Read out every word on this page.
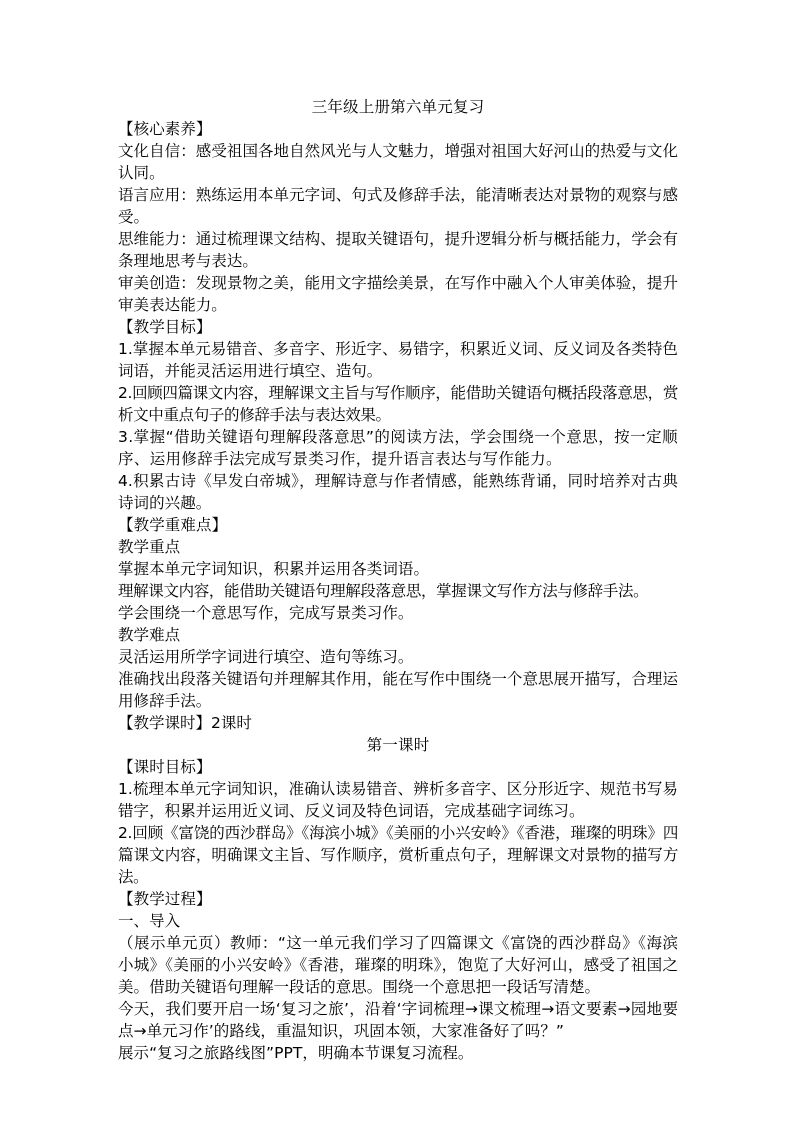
三年级上册第六单元复习
【核心素养】
文化自信：感受祖国各地自然风光与人文魅力，增强对祖国大好河山的热爱与文化认同。
语言应用：熟练运用本单元字词、句式及修辞手法，能清晰表达对景物的观察与感受。
思维能力：通过梳理课文结构、提取关键语句，提升逻辑分析与概括能力，学会有条理地思考与表达。
审美创造：发现景物之美，能用文字描绘美景，在写作中融入个人审美体验，提升审美表达能力。
【教学目标】
1.掌握本单元易错音、多音字、形近字、易错字，积累近义词、反义词及各类特色词语，并能灵活运用进行填空、造句。
2.回顾四篇课文内容，理解课文主旨与写作顺序，能借助关键语句概括段落意思，赏析文中重点句子的修辞手法与表达效果。
3.掌握“借助关键语句理解段落意思”的阅读方法，学会围绕一个意思，按一定顺序、运用修辞手法完成写景类习作，提升语言表达与写作能力。
4.积累古诗《早发白帝城》，理解诗意与作者情感，能熟练背诵，同时培养对古典诗词的兴趣。
【教学重难点】
教学重点
掌握本单元字词知识，积累并运用各类词语。
理解课文内容，能借助关键语句理解段落意思，掌握课文写作方法与修辞手法。
学会围绕一个意思写作，完成写景类习作。
教学难点
灵活运用所学字词进行填空、造句等练习。
准确找出段落关键语句并理解其作用，能在写作中围绕一个意思展开描写，合理运用修辞手法。
【教学课时】2课时
第一课时
【课时目标】
1.梳理本单元字词知识，准确认读易错音、辨析多音字、区分形近字、规范书写易错字，积累并运用近义词、反义词及特色词语，完成基础字词练习。
2.回顾《富饶的西沙群岛》《海滨小城》《美丽的小兴安岭》《香港，璀璨的明珠》四篇课文内容，明确课文主旨、写作顺序，赏析重点句子，理解课文对景物的描写方法。
【教学过程】
一、导入
（展示单元页）教师：“这一单元我们学习了四篇课文《富饶的西沙群岛》《海滨小城》《美丽的小兴安岭》《香港，璀璨的明珠》，饱览了大好河山，感受了祖国之美。借助关键语句理解一段话的意思。围绕一个意思把一段话写清楚。
今天，我们要开启一场‘复习之旅’，沿着‘字词梳理→课文梳理→语文要素→园地要点→单元习作’的路线，重温知识，巩固本领，大家准备好了吗？”
展示“复习之旅路线图”PPT，明确本节课复习流程。
